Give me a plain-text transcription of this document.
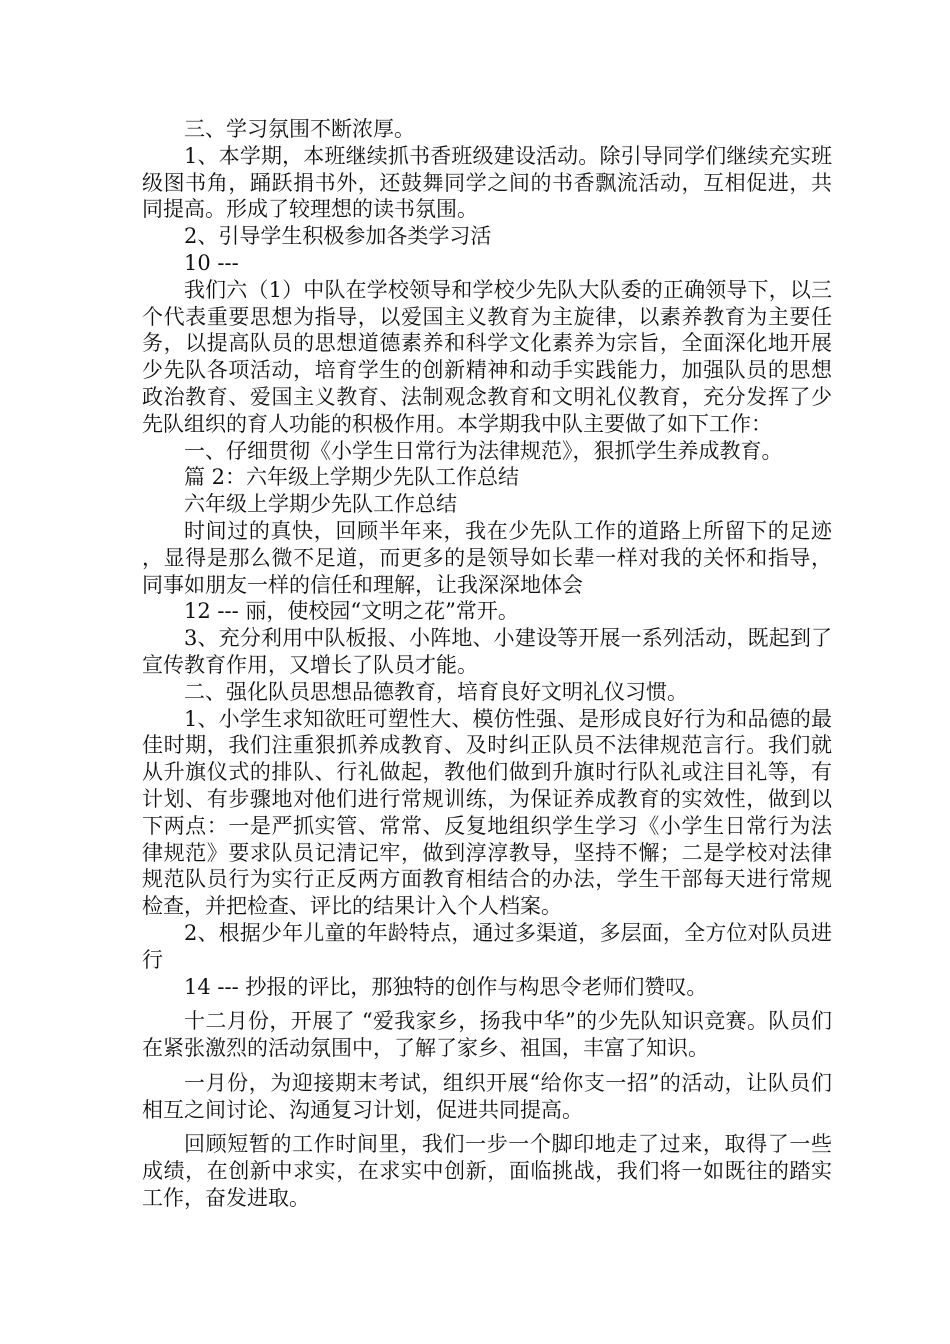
三、学习氛围不断浓厚。

1、本学期，本班继续抓书香班级建设活动。除引导同学们继续充实班级图书角，踊跃捐书外，还鼓舞同学之间的书香飘流活动，互相促进，共同提高。形成了较理想的读书氛围。

2、引导学生积极参加各类学习活

10 ---

我们六（1）中队在学校领导和学校少先队大队委的正确领导下，以三个代表重要思想为指导，以爱国主义教育为主旋律，以素养教育为主要任务，以提高队员的思想道德素养和科学文化素养为宗旨，全面深化地开展少先队各项活动，培育学生的创新精神和动手实践能力，加强队员的思想政治教育、爱国主义教育、法制观念教育和文明礼仪教育，充分发挥了少先队组织的育人功能的积极作用。本学期我中队主要做了如下工作：

一、仔细贯彻《小学生日常行为法律规范》，狠抓学生养成教育。

篇 2：六年级上学期少先队工作总结

六年级上学期少先队工作总结

时间过的真快，回顾半年来，我在少先队工作的道路上所留下的足迹，显得是那么微不足道，而更多的是领导如长辈一样对我的关怀和指导，同事如朋友一样的信任和理解，让我深深地体会

12 --- 丽，使校园“文明之花”常开。

3、充分利用中队板报、小阵地、小建设等开展一系列活动，既起到了宣传教育作用，又增长了队员才能。

二、强化队员思想品德教育，培育良好文明礼仪习惯。

1、小学生求知欲旺可塑性大、模仿性强、是形成良好行为和品德的最佳时期，我们注重狠抓养成教育、及时纠正队员不法律规范言行。我们就从升旗仪式的排队、行礼做起，教他们做到升旗时行队礼或注目礼等，有计划、有步骤地对他们进行常规训练，为保证养成教育的实效性，做到以下两点：一是严抓实管、常常、反复地组织学生学习《小学生日常行为法律规范》要求队员记清记牢，做到淳淳教导，坚持不懈；二是学校对法律规范队员行为实行正反两方面教育相结合的办法，学生干部每天进行常规检查，并把检查、评比的结果计入个人档案。

2、根据少年儿童的年龄特点，通过多渠道，多层面，全方位对队员进行

14 --- 抄报的评比，那独特的创作与构思令老师们赞叹。

十二月份，开展了 “爱我家乡，扬我中华”的少先队知识竞赛。队员们在紧张激烈的活动氛围中，了解了家乡、祖国，丰富了知识。

一月份，为迎接期末考试，组织开展“给你支一招”的活动，让队员们相互之间讨论、沟通复习计划，促进共同提高。

回顾短暂的工作时间里，我们一步一个脚印地走了过来，取得了一些成绩，在创新中求实，在求实中创新，面临挑战，我们将一如既往的踏实工作，奋发进取。
